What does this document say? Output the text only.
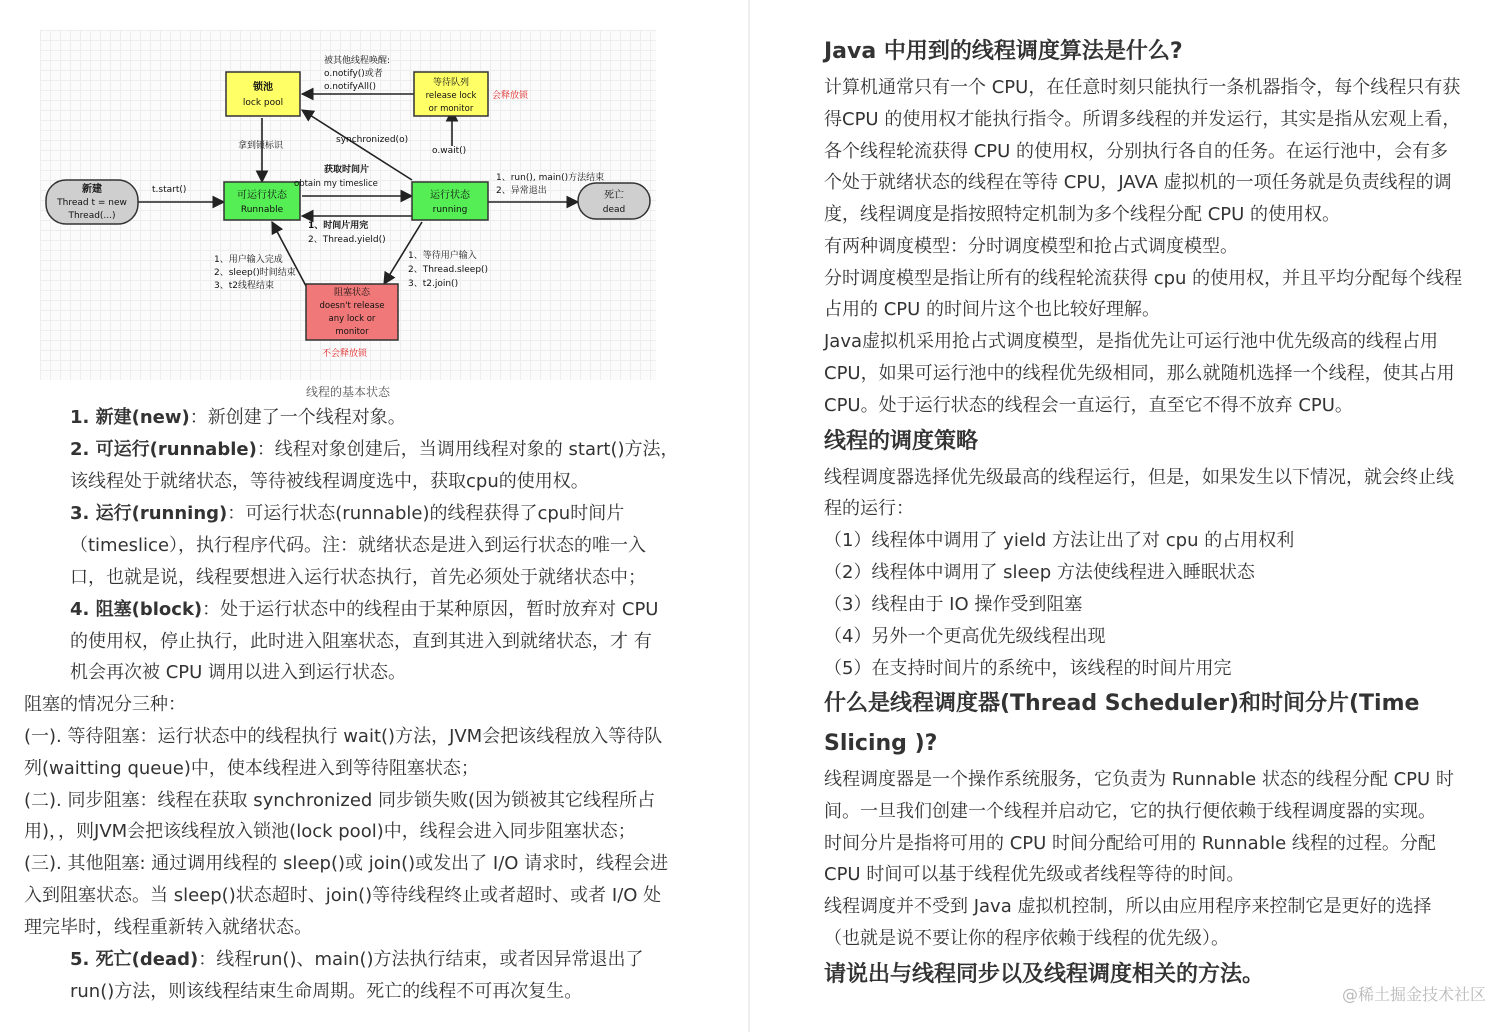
新建
Thread t = new
Thread(...)
可运行状态
Runnable
运行状态
running
死亡
dead
锁池
lock pool
等待队列
release lock
or monitor
阻塞状态
doesn't release
any lock or
monitor
被其他线程唤醒:
o.notify()或者
o.notifyAll()
会释放锁
synchronized(o)
o.wait()
拿到锁标识
获取时间片
obtain my timeslice
t.start()
1、run(), main()方法结束
2、异常退出
1、时间片用完
2、Thread.yield()
1、用户输入完成
2、sleep()时间结束
3、t2线程结束
1、等待用户输入
2、Thread.sleep()
3、t2.join()
不会释放锁
线程的基本状态
1. 新建(new)：新创建了一个线程对象。
2. 可运行(runnable)：线程对象创建后，当调用线程对象的 start()方法，
该线程处于就绪状态，等待被线程调度选中，获取cpu的使用权。
3. 运行(running)：可运行状态(runnable)的线程获得了cpu时间片
（timeslice），执行程序代码。注：就绪状态是进入到运行状态的唯一入
口，也就是说，线程要想进入运行状态执行，首先必须处于就绪状态中；
4. 阻塞(block)：处于运行状态中的线程由于某种原因，暂时放弃对 CPU
的使用权，停止执行，此时进入阻塞状态，直到其进入到就绪状态，才 有
机会再次被 CPU 调用以进入到运行状态。
阻塞的情况分三种：
(一). 等待阻塞：运行状态中的线程执行 wait()方法，JVM会把该线程放入等待队
列(waitting queue)中，使本线程进入到等待阻塞状态；
(二). 同步阻塞：线程在获取 synchronized 同步锁失败(因为锁被其它线程所占
用)，，则JVM会把该线程放入锁池(lock pool)中，线程会进入同步阻塞状态；
(三). 其他阻塞: 通过调用线程的 sleep()或 join()或发出了 I/O 请求时，线程会进
入到阻塞状态。当 sleep()状态超时、join()等待线程终止或者超时、或者 I/O 处
理完毕时，线程重新转入就绪状态。
5. 死亡(dead)：线程run()、main()方法执行结束，或者因异常退出了
run()方法，则该线程结束生命周期。死亡的线程不可再次复生。
Java 中用到的线程调度算法是什么?
计算机通常只有一个 CPU，在任意时刻只能执行一条机器指令，每个线程只有获
得CPU 的使用权才能执行指令。所谓多线程的并发运行，其实是指从宏观上看，
各个线程轮流获得 CPU 的使用权，分别执行各自的任务。在运行池中，会有多
个处于就绪状态的线程在等待 CPU，JAVA 虚拟机的一项任务就是负责线程的调
度，线程调度是指按照特定机制为多个线程分配 CPU 的使用权。
有两种调度模型：分时调度模型和抢占式调度模型。
分时调度模型是指让所有的线程轮流获得 cpu 的使用权，并且平均分配每个线程
占用的 CPU 的时间片这个也比较好理解。
Java虚拟机采用抢占式调度模型，是指优先让可运行池中优先级高的线程占用
CPU，如果可运行池中的线程优先级相同，那么就随机选择一个线程，使其占用
CPU。处于运行状态的线程会一直运行，直至它不得不放弃 CPU。
线程的调度策略
线程调度器选择优先级最高的线程运行，但是，如果发生以下情况，就会终止线
程的运行：
（1）线程体中调用了 yield 方法让出了对 cpu 的占用权利
（2）线程体中调用了 sleep 方法使线程进入睡眠状态
（3）线程由于 IO 操作受到阻塞
（4）另外一个更高优先级线程出现
（5）在支持时间片的系统中，该线程的时间片用完
什么是线程调度器(Thread Scheduler)和时间分片(Time
Slicing )?
线程调度器是一个操作系统服务，它负责为 Runnable 状态的线程分配 CPU 时
间。一旦我们创建一个线程并启动它，它的执行便依赖于线程调度器的实现。
时间分片是指将可用的 CPU 时间分配给可用的 Runnable 线程的过程。分配
CPU 时间可以基于线程优先级或者线程等待的时间。
线程调度并不受到 Java 虚拟机控制，所以由应用程序来控制它是更好的选择
（也就是说不要让你的程序依赖于线程的优先级）。
请说出与线程同步以及线程调度相关的方法。
@稀土掘金技术社区
